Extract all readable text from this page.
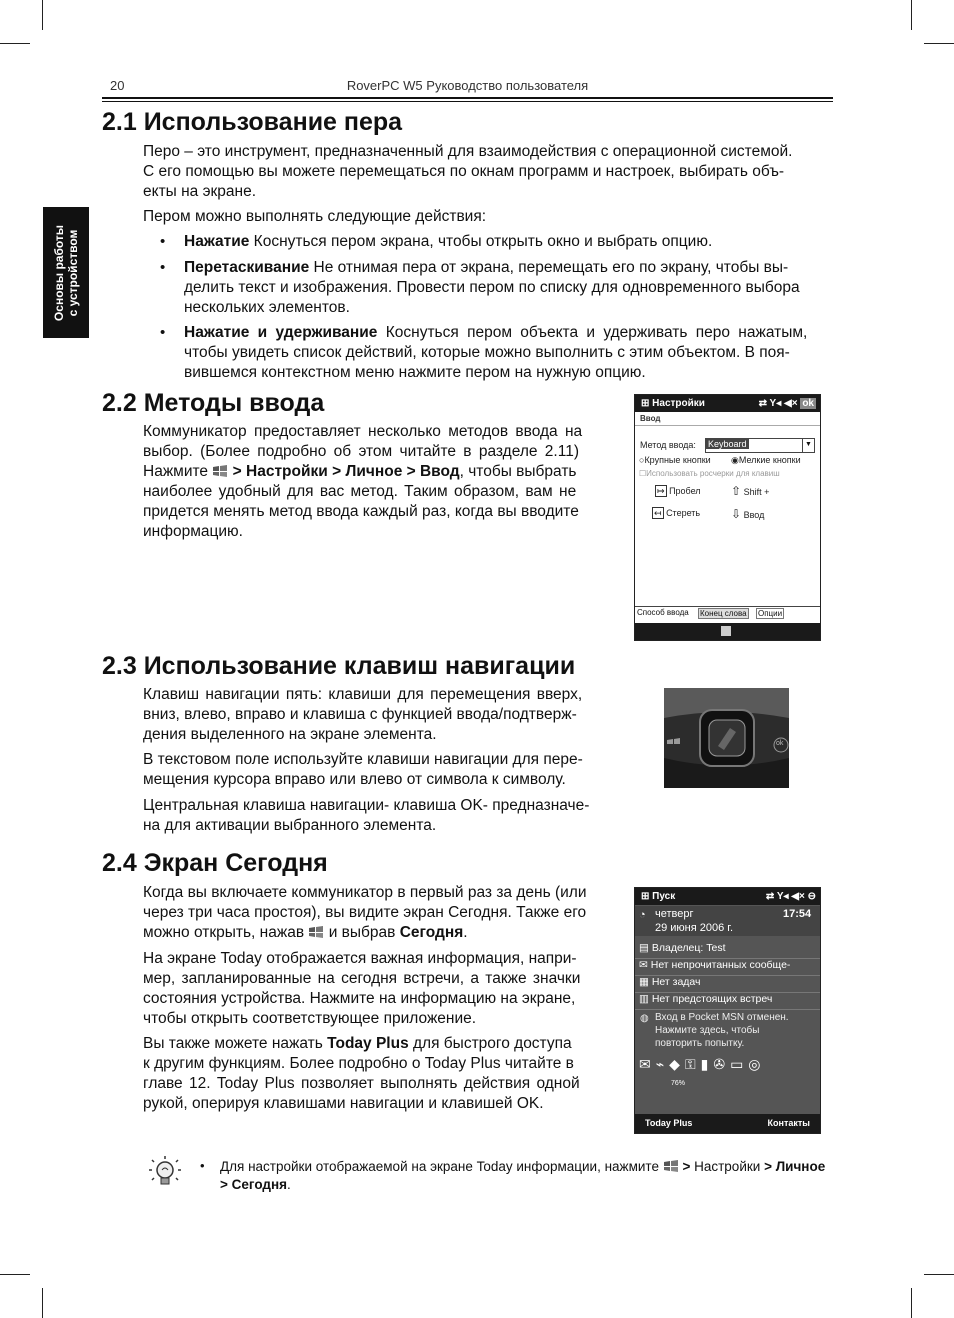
20	RoverPC W5 Руководство пользователя
Основы работы
с устройством
2.1 Использование пера
Перо – это инструмент, предназначенный для взаимодействия с операционной системой.
С его помощью вы можете перемещаться по окнам программ и настроек, выбирать объ-
екты на экране.
Пером можно выполнять следующие действия:
• Нажатие Коснуться пером экрана, чтобы открыть окно и выбрать опцию.
• Перетаскивание Не отнимая пера от экрана, перемещать его по экрану, чтобы вы-
делить текст и изображения. Провести пером по списку для одновременного выбора
нескольких элементов.
• Нажатие и удерживание Коснуться пером объекта и удерживать перо нажатым,
чтобы увидеть список действий, которые можно выполнить с этим объектом. В поя-
вившемся контекстном меню нажмите пером на нужную опцию.
2.2 Методы ввода
Коммуникатор предоставляет несколько методов ввода на
выбор. (Более подробно об этом читайте в разделе 2.11)
Нажмите  > Настройки > Личное > Ввод, чтобы выбрать
наиболее удобный для вас метод. Таким образом, вам не
придется менять метод ввода каждый раз, когда вы вводите
информацию.
⊞ Настройки	⇄ Y◂ ◀× ok
Ввод
Метод ввода:	Keyboard	▼
○Крупные кнопки ◉Мелкие кнопки
☐Использовать росчерки для клавиш
↦ Пробел	⇧ Shift +
↤ Стереть	⇩ Ввод
Способ ввода Конец слова Опции
2.3 Использование клавиш навигации
Клавиш навигации пять: клавиши для перемещения вверх,
вниз, влево, вправо и клавиша с функцией ввода/подтверж-
дения выделенного на экране элемента.
В текстовом поле используйте клавиши навигации для пере-
мещения курсора вправо или влево от символа к символу.
Центральная клавиша навигации- клавиша OK- предназначе-
на для активации выбранного элемента.
ok
2.4 Экран Сегодня
Когда вы включаете коммуникатор в первый раз за день (или
через три часа простоя), вы видите экран Сегодня. Также его
можно открыть, нажав  и выбрав Сегодня.
На экране Today отображается важная информация, напри-
мер, запланированные на сегодня встречи, а также значки
состояния устройства. Нажмите на информацию на экране,
чтобы открыть соответствующее приложение.
Вы также можете нажать Today Plus для быстрого доступа
к другим функциям. Более подробно о Today Plus читайте в
главе 12. Today Plus позволяет выполнять действия одной
рукой, оперируя клавишами навигации и клавишей OK.
⊞ Пуск	⇄ Y◂ ◀× ⊖
◔ четверг	17:54
29 июня 2006 г.
▤ Владелец: Test
✉ Нет непрочитанных сообще-
▦ Нет задач
▥ Нет предстоящих встреч
◍ Вход в Pocket MSN отменен.
Нажмите здесь, чтобы
повторить попытку.
✉⌁◆⚿▮✇▭◎
76%
Today Plus	Контакты
• Для настройки отображаемой на экране Today информации, нажмите  > Настройки > Личное > Сегодня.
